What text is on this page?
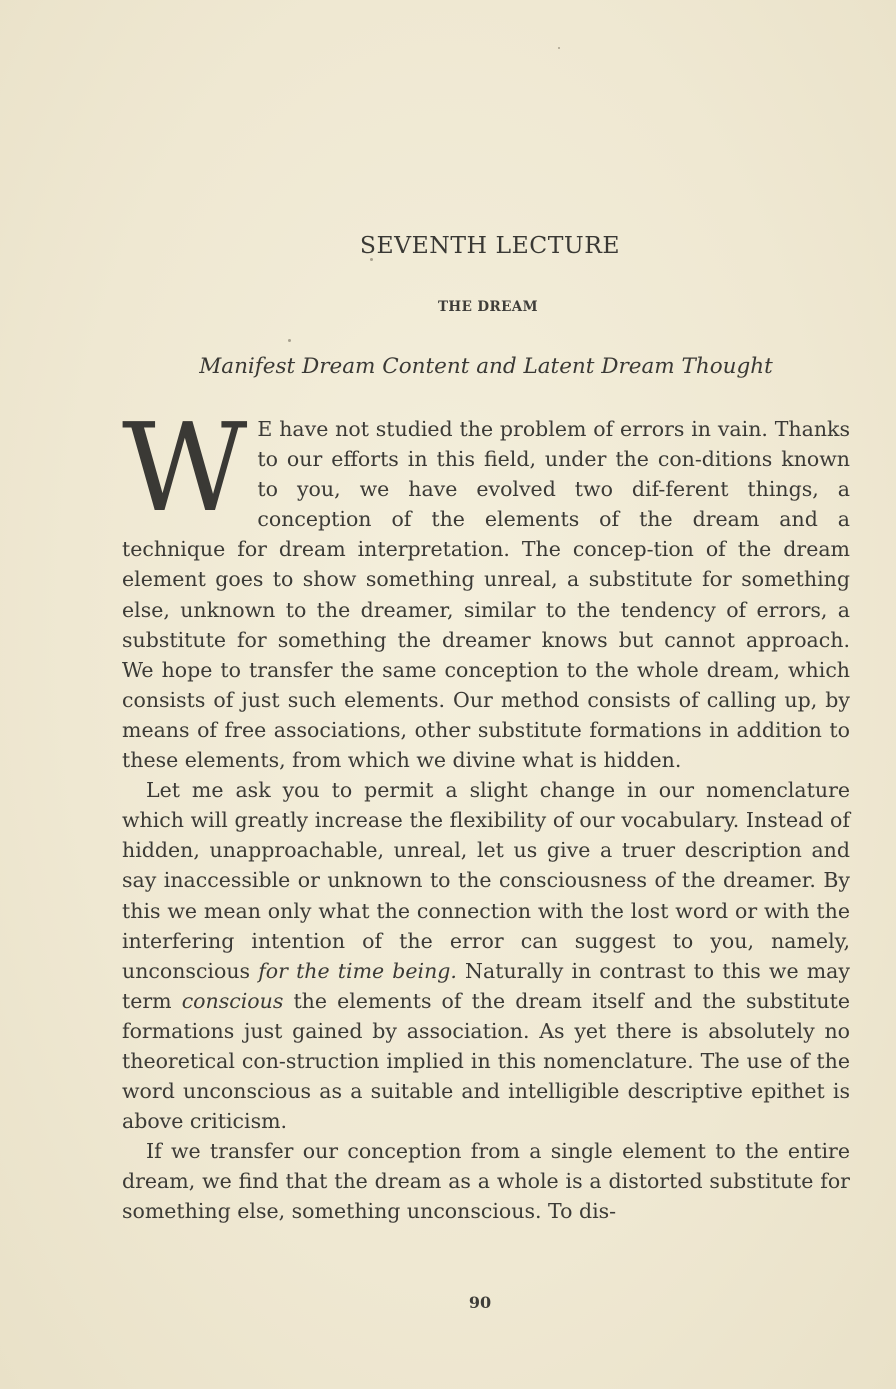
SEVENTH LECTURE
THE DREAM
Manifest Dream Content and Latent Dream Thought

W E have not studied the problem of errors in vain. Thanks to our efforts in this field, under the con-ditions known to you, we have evolved two dif-ferent things, a conception of the elements of the dream and a technique for dream interpretation. The concep-tion of the dream element goes to show something unreal, a substitute for something else, unknown to the dreamer, similar to the tendency of errors, a substitute for something the dreamer knows but cannot approach. We hope to transfer the same conception to the whole dream, which consists of just such elements. Our method consists of calling up, by means of free associations, other substitute formations in addition to these elements, from which we divine what is hidden.

Let me ask you to permit a slight change in our nomenclature which will greatly increase the flexibility of our vocabulary. Instead of hidden, unapproachable, unreal, let us give a truer description and say inaccessible or unknown to the consciousness of the dreamer. By this we mean only what the connection with the lost word or with the interfering intention of the error can suggest to you, namely, unconscious for the time being. Naturally in contrast to this we may term conscious the elements of the dream itself and the substitute formations just gained by association. As yet there is absolutely no theoretical con-struction implied in this nomenclature. The use of the word unconscious as a suitable and intelligible descriptive epithet is above criticism.

If we transfer our conception from a single element to the entire dream, we find that the dream as a whole is a distorted substitute for something else, something unconscious. To dis-

90
